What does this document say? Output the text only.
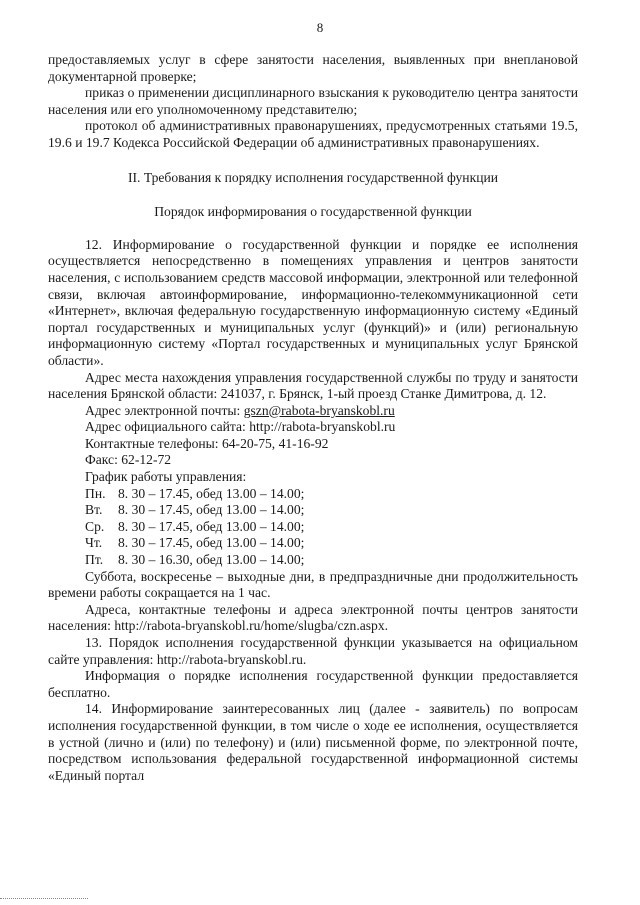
8

предоставляемых услуг в сфере занятости населения, выявленных при внеплановой документарной проверке;

приказ о применении дисциплинарного взыскания к руководителю центра занятости населения или его уполномоченному представителю;

протокол об административных правонарушениях, предусмотренных статьями 19.5, 19.6 и 19.7 Кодекса Российской Федерации об административных правонарушениях.

II. Требования к порядку исполнения государственной функции

Порядок информирования о государственной функции

12. Информирование о государственной функции и порядке ее исполнения осуществляется непосредственно в помещениях управления и центров занятости населения, с использованием средств массовой информации, электронной или телефонной связи, включая автоинформирование, информационно-телекоммуникационной сети «Интернет», включая федеральную государственную информационную систему «Единый портал государственных и муниципальных услуг (функций)» и (или) региональную информационную систему «Портал государственных и муниципальных услуг Брянской области».

Адрес места нахождения управления государственной службы по труду и занятости населения Брянской области: 241037, г. Брянск, 1-ый проезд Станке Димитрова, д. 12.

Адрес электронной почты: gszn@rabota-bryanskobl.ru

Адрес официального сайта: http://rabota-bryanskobl.ru

Контактные телефоны: 64-20-75, 41-16-92

Факс: 62-12-72

График работы управления:

Пн. 8. 30 – 17.45, обед 13.00 – 14.00;

Вт. 8. 30 – 17.45, обед 13.00 – 14.00;

Ср. 8. 30 – 17.45, обед 13.00 – 14.00;

Чт. 8. 30 – 17.45, обед 13.00 – 14.00;

Пт. 8. 30 – 16.30, обед 13.00 – 14.00;

Суббота, воскресенье – выходные дни, в предпраздничные дни продолжительность времени работы сокращается на 1 час.

Адреса, контактные телефоны и адреса электронной почты центров занятости населения: http://rabota-bryanskobl.ru/home/slugba/czn.aspx.

13. Порядок исполнения государственной функции указывается на официальном сайте управления: http://rabota-bryanskobl.ru.

Информация о порядке исполнения государственной функции предоставляется бесплатно.

14. Информирование заинтересованных лиц (далее - заявитель) по вопросам исполнения государственной функции, в том числе о ходе ее исполнения, осуществляется в устной (лично и (или) по телефону) и (или) письменной форме, по электронной почте, посредством использования федеральной государственной информационной системы «Единый портал
